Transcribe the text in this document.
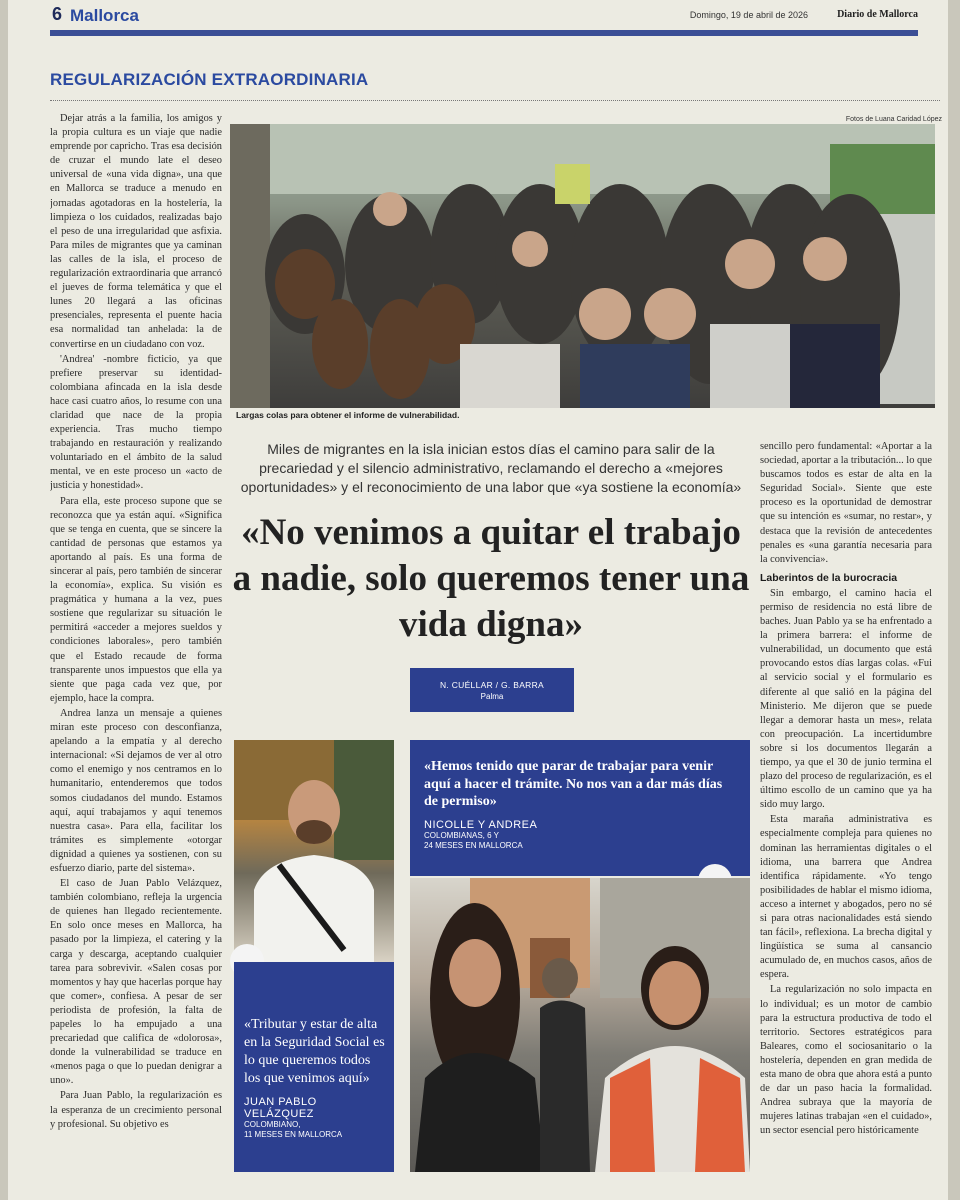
6 Mallorca	Domingo, 19 de abril de 2026	Diario de Mallorca
REGULARIZACIÓN EXTRAORDINARIA
Fotos de Luana Caridad López
Largas colas para obtener el informe de vulnerabilidad.

Dejar atrás a la familia, los amigos y la propia cultura es un viaje que nadie emprende por capricho. Tras esa decisión de cruzar el mundo late el deseo universal de «una vida digna», una que en Mallorca se traduce a menudo en jornadas agotadoras en la hostelería, la limpieza o los cuidados, realizadas bajo el peso de una irregularidad que asfixia. Para miles de migrantes que ya caminan las calles de la isla, el proceso de regularización extraordinaria que arrancó el jueves de forma telemática y que el lunes 20 llegará a las oficinas presenciales, representa el puente hacia esa normalidad tan anhelada: la de convertirse en un ciudadano con voz.

'Andrea' -nombre ficticio, ya que prefiere preservar su identidad- colombiana afincada en la isla desde hace casi cuatro años, lo resume con una claridad que nace de la propia experiencia. Tras mucho tiempo trabajando en restauración y realizando voluntariado en el ámbito de la salud mental, ve en este proceso un «acto de justicia y honestidad».

Para ella, este proceso supone que se reconozca que ya están aquí. «Significa que se tenga en cuenta, que se sincere la cantidad de personas que estamos ya aportando al país. Es una forma de sincerar al país, pero también de sincerar la economía», explica. Su visión es pragmática y humana a la vez, pues sostiene que regularizar su situación le permitirá «acceder a mejores sueldos y condiciones laborales», pero también que el Estado recaude de forma transparente unos impuestos que ella ya siente que paga cada vez que, por ejemplo, hace la compra.

Andrea lanza un mensaje a quienes miran este proceso con desconfianza, apelando a la empatía y al derecho internacional: «Si dejamos de ver al otro como el enemigo y nos centramos en lo humanitario, entenderemos que todos somos ciudadanos del mundo. Estamos aquí, aquí trabajamos y aquí tenemos nuestra casa». Para ella, facilitar los trámites es simplemente «otorgar dignidad a quienes ya sostienen, con su esfuerzo diario, parte del sistema».

El caso de Juan Pablo Velázquez, también colombiano, refleja la urgencia de quienes han llegado recientemente. En solo once meses en Mallorca, ha pasado por la limpieza, el catering y la carga y descarga, aceptando cualquier tarea para sobrevivir. «Salen cosas por momentos y hay que hacerlas porque hay que comer», confiesa. A pesar de ser periodista de profesión, la falta de papeles lo ha empujado a una precariedad que califica de «dolorosa», donde la vulnerabilidad se traduce en «menos paga o que lo puedan denigrar a uno».

Para Juan Pablo, la regularización es la esperanza de un crecimiento personal y profesional. Su objetivo es

Miles de migrantes en la isla inician estos días el camino para salir de la precariedad y el silencio administrativo, reclamando el derecho a «mejores oportunidades» y el reconocimiento de una labor que «ya sostiene la economía»
«No venimos a quitar el trabajo a nadie, solo queremos tener una vida digna»
N. CUÉLLAR / G. BARRA
Palma
«Tributar y estar de alta en la Seguridad Social es lo que queremos todos los que venimos aquí»
JUAN PABLO VELÁZQUEZ
COLOMBIANO,
11 MESES EN MALLORCA
«Hemos tenido que parar de trabajar para venir aquí a hacer el trámite. No nos van a dar más días de permiso»
NICOLLE Y ANDREA
COLOMBIANAS, 6 Y
24 MESES EN MALLORCA

sencillo pero fundamental: «Aportar a la sociedad, aportar a la tributación... lo que buscamos todos es estar de alta en la Seguridad Social». Siente que este proceso es la oportunidad de demostrar que su intención es «sumar, no restar», y destaca que la revisión de antecedentes penales es «una garantía necesaria para la convivencia».

Laberintos de la burocracia

Sin embargo, el camino hacia el permiso de residencia no está libre de baches. Juan Pablo ya se ha enfrentado a la primera barrera: el informe de vulnerabilidad, un documento que está provocando estos días largas colas. «Fui al servicio social y el formulario es diferente al que salió en la página del Ministerio. Me dijeron que se puede llegar a demorar hasta un mes», relata con preocupación. La incertidumbre sobre si los documentos llegarán a tiempo, ya que el 30 de junio termina el plazo del proceso de regularización, es el último escollo de un camino que ya ha sido muy largo.

Esta maraña administrativa es especialmente compleja para quienes no dominan las herramientas digitales o el idioma, una barrera que Andrea identifica rápidamente. «Yo tengo posibilidades de hablar el mismo idioma, acceso a internet y abogados, pero no sé si para otras nacionalidades está siendo tan fácil», reflexiona. La brecha digital y lingüística se suma al cansancio acumulado de, en muchos casos, años de espera.

La regularización no solo impacta en lo individual; es un motor de cambio para la estructura productiva de todo el territorio. Sectores estratégicos para Baleares, como el sociosanitario o la hostelería, dependen en gran medida de esta mano de obra que ahora está a punto de dar un paso hacia la formalidad. Andrea subraya que la mayoría de mujeres latinas trabajan «en el cuidado», un sector esencial pero históricamente
